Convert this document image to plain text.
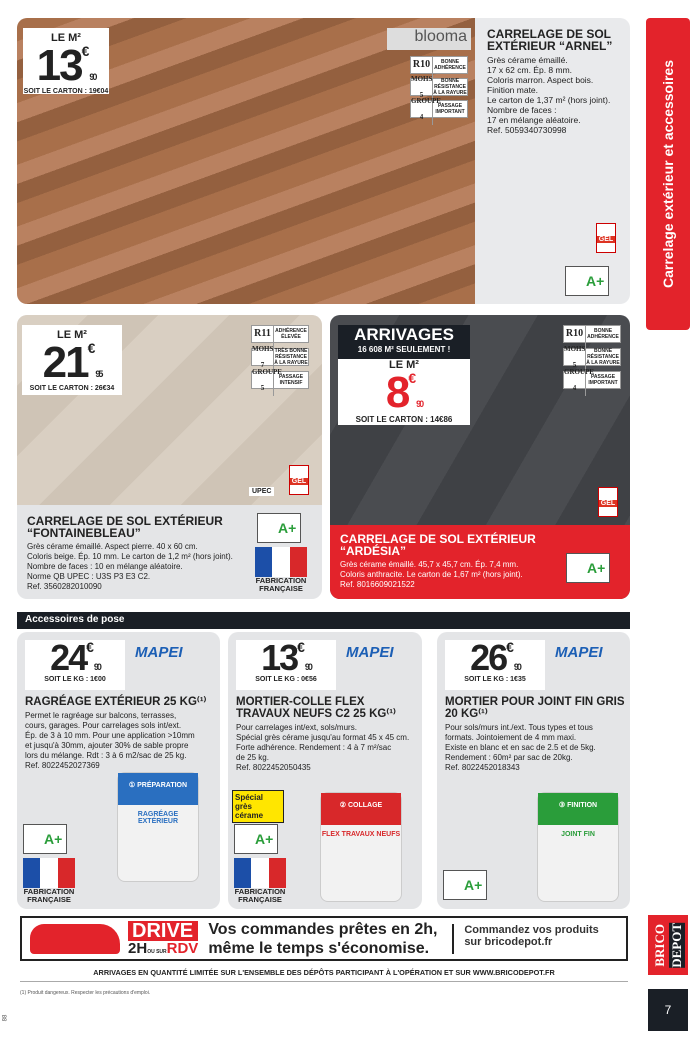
Carrelage extérieur et accessoires
LE M²
13€90
SOIT LE CARTON : 19€04
blooma
R10	BONNE ADHÉRENCE
MOHS 5
BONNE RÉSISTANCE À LA RAYURE
GROUPE 4
PASSAGE IMPORTANT
CARRELAGE DE SOL EXTÉRIEUR “ARNEL”
Grès cérame émaillé.
17 x 62 cm. Ép. 8 mm.
Coloris marron. Aspect bois.
Finition mate.
Le carton de 1,37 m² (hors joint).
Nombre de faces :
17 en mélange aléatoire.
Ref. 5059340730998
GEL
A+
LE M²
21€95
SOIT LE CARTON : 26€34
R11 ADHÉRENCE ÉLEVÉE
MOHS 7
TRÈS BONNE RÉSISTANCE À LA RAYURE
GROUPE 5
PASSAGE INTENSIF
UPEC
GEL
CARRELAGE DE SOL EXTÉRIEUR “FONTAINEBLEAU”
Grès cérame émaillé. Aspect pierre. 40 x 60 cm.
Coloris beige. Ép. 10 mm. Le carton de 1,2 m² (hors joint).
Nombre de faces : 10 en mélange aléatoire.
Norme QB UPEC : U3S P3 E3 C2.
Ref. 3560282010090
A+
FABRICATION FRANÇAISE
ARRIVAGES
16 608 M² SEULEMENT !
LE M²
8€90
SOIT LE CARTON : 14€86
R10	BONNE ADHÉRENCE
MOHS 5
BONNE RÉSISTANCE À LA RAYURE
GROUPE 4
PASSAGE IMPORTANT
GEL
CARRELAGE DE SOL EXTÉRIEUR “ARDÉSIA”
Grès cérame émaillé. 45,7 x 45,7 cm. Ép. 7,4 mm.
Coloris anthracite. Le carton de 1,67 m² (hors joint).
Ref. 8016609021522
A+
Accessoires de pose
24€90
SOIT LE KG : 1€00
MAPEI
RAGRÉAGE EXTÉRIEUR 25 KG⁽¹⁾
Permet le ragréage sur balcons, terrasses,
cours, garages. Pour carrelages sols int/ext.
Ép. de 3 à 10 mm. Pour une application >10mm
et jusqu'à 30mm, ajouter 30% de sable propre
lors du mélange. Rdt : 3 à 6 m2/sac de 25 kg.
Ref. 8022452027369
① PRÉPARATION
RAGRÉAGE EXTÉRIEUR
A+
FABRICATION FRANÇAISE
13€90
SOIT LE KG : 0€56
MAPEI
MORTIER-COLLE FLEX TRAVAUX NEUFS C2 25 KG⁽¹⁾
Pour carrelages int/ext, sols/murs.
Spécial grès cérame jusqu'au format 45 x 45 cm.
Forte adhérence. Rendement : 4 à 7 m²/sac
de 25 kg.
Ref. 8022452050435
② COLLAGE
FLEX TRAVAUX NEUFS
Spécial grès cérame
A+
FABRICATION FRANÇAISE
26€90
SOIT LE KG : 1€35
MAPEI
MORTIER POUR JOINT FIN GRIS 20 KG⁽¹⁾
Pour sols/murs int./ext. Tous types et tous
formats. Jointoiement de 4 mm maxi.
Existe en blanc et en sac de 2.5 et de 5kg.
Rendement : 60m² par sac de 20kg.
Ref. 8022452018343
③ FINITION
JOINT FIN
A+
DRIVE
2HOU SURRDV
Vos commandes prêtes en 2h,
même le temps s'économise.
Commandez vos produits
sur bricodepot.fr
ARRIVAGES EN QUANTITÉ LIMITÉE SUR L'ENSEMBLE DES DÉPÔTS PARTICIPANT À L'OPÉRATION ET SUR WWW.BRICODEPOT.FR
(1) Produit dangereux. Respecter les précautions d'emploi.
88
BRICO DEPOT
7
